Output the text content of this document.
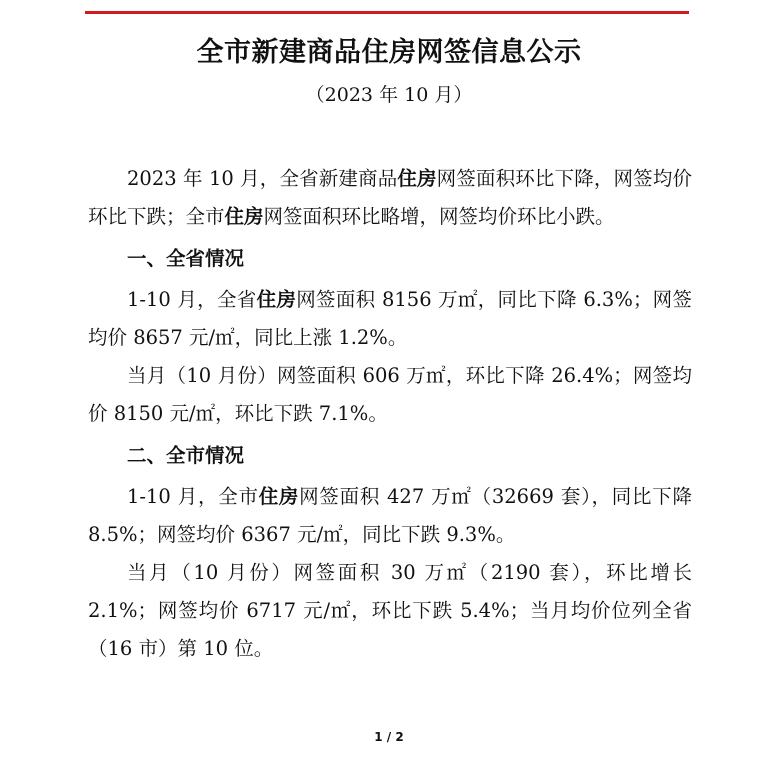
全市新建商品住房网签信息公示
（2023 年 10 月）

2023 年 10 月，全省新建商品住房网签面积环比下降，网签均价环比下跌；全市住房网签面积环比略增，网签均价环比小跌。

一、全省情况

1-10 月，全省住房网签面积 8156 万㎡，同比下降 6.3%；网签均价 8657 元/㎡，同比上涨 1.2%。

当月（10 月份）网签面积 606 万㎡，环比下降 26.4%；网签均价 8150 元/㎡，环比下跌 7.1%。

二、全市情况

1-10 月，全市住房网签面积 427 万㎡（32669 套），同比下降 8.5%；网签均价 6367 元/㎡，同比下跌 9.3%。

当月（10 月份）网签面积 30 万㎡（2190 套），环比增长 2.1%；网签均价 6717 元/㎡，环比下跌 5.4%；当月均价位列全省（16 市）第 10 位。

1 / 2
